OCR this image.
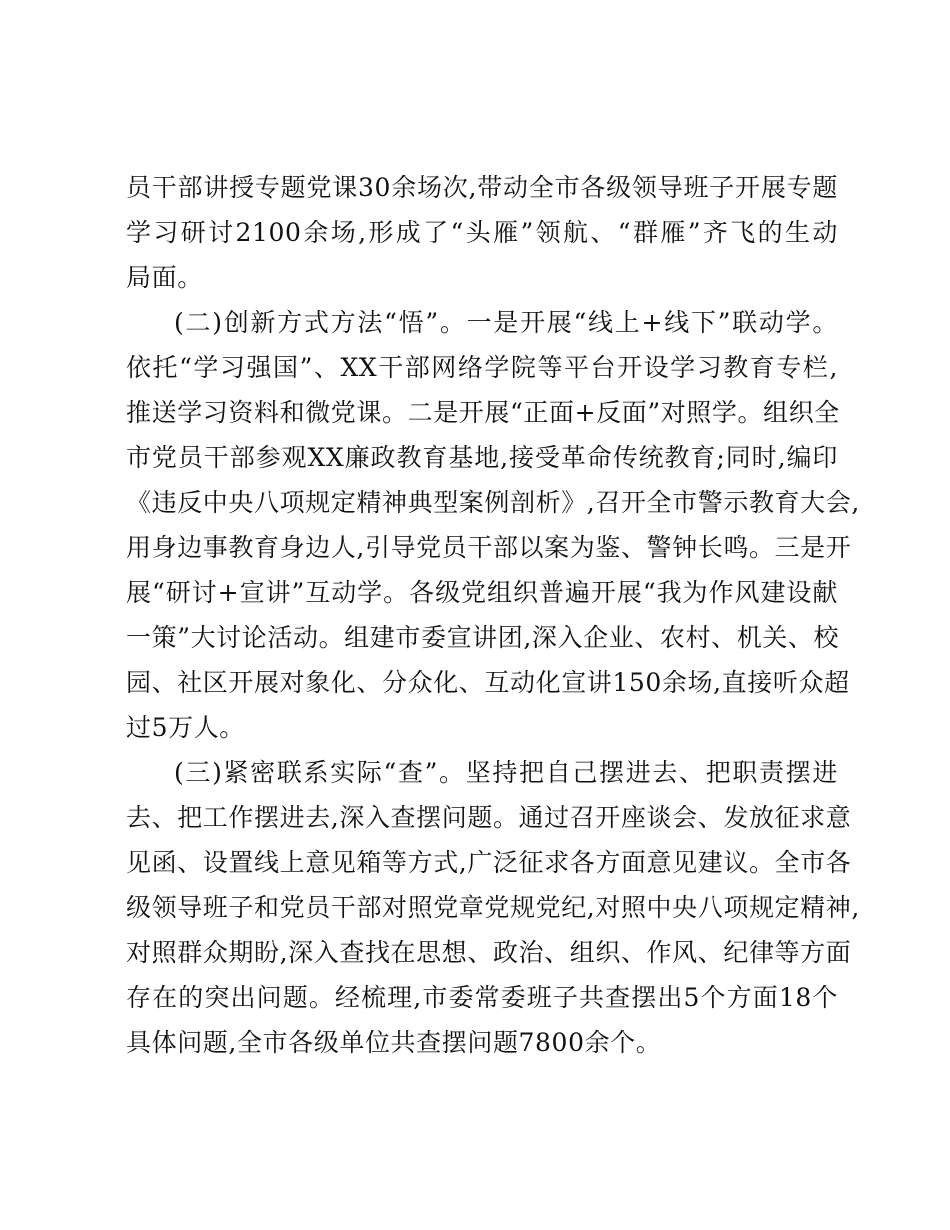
员干部讲授专题党课30余场次,带动全市各级领导班子开展专题
学习研讨2100余场,形成了“头雁”领航、“群雁”齐飞的生动
局面。
(二)创新方式方法“悟”。一是开展“线上+线下”联动学。
依托“学习强国”、XX干部网络学院等平台开设学习教育专栏,
推送学习资料和微党课。二是开展“正面+反面”对照学。组织全
市党员干部参观XX廉政教育基地,接受革命传统教育;同时,编印
《违反中央八项规定精神典型案例剖析》,召开全市警示教育大会,
用身边事教育身边人,引导党员干部以案为鉴、警钟长鸣。三是开
展“研讨+宣讲”互动学。各级党组织普遍开展“我为作风建设献
一策”大讨论活动。组建市委宣讲团,深入企业、农村、机关、校
园、社区开展对象化、分众化、互动化宣讲150余场,直接听众超
过5万人。
(三)紧密联系实际“查”。坚持把自己摆进去、把职责摆进
去、把工作摆进去,深入查摆问题。通过召开座谈会、发放征求意
见函、设置线上意见箱等方式,广泛征求各方面意见建议。全市各
级领导班子和党员干部对照党章党规党纪,对照中央八项规定精神,
对照群众期盼,深入查找在思想、政治、组织、作风、纪律等方面
存在的突出问题。经梳理,市委常委班子共查摆出5个方面18个
具体问题,全市各级单位共查摆问题7800余个。
